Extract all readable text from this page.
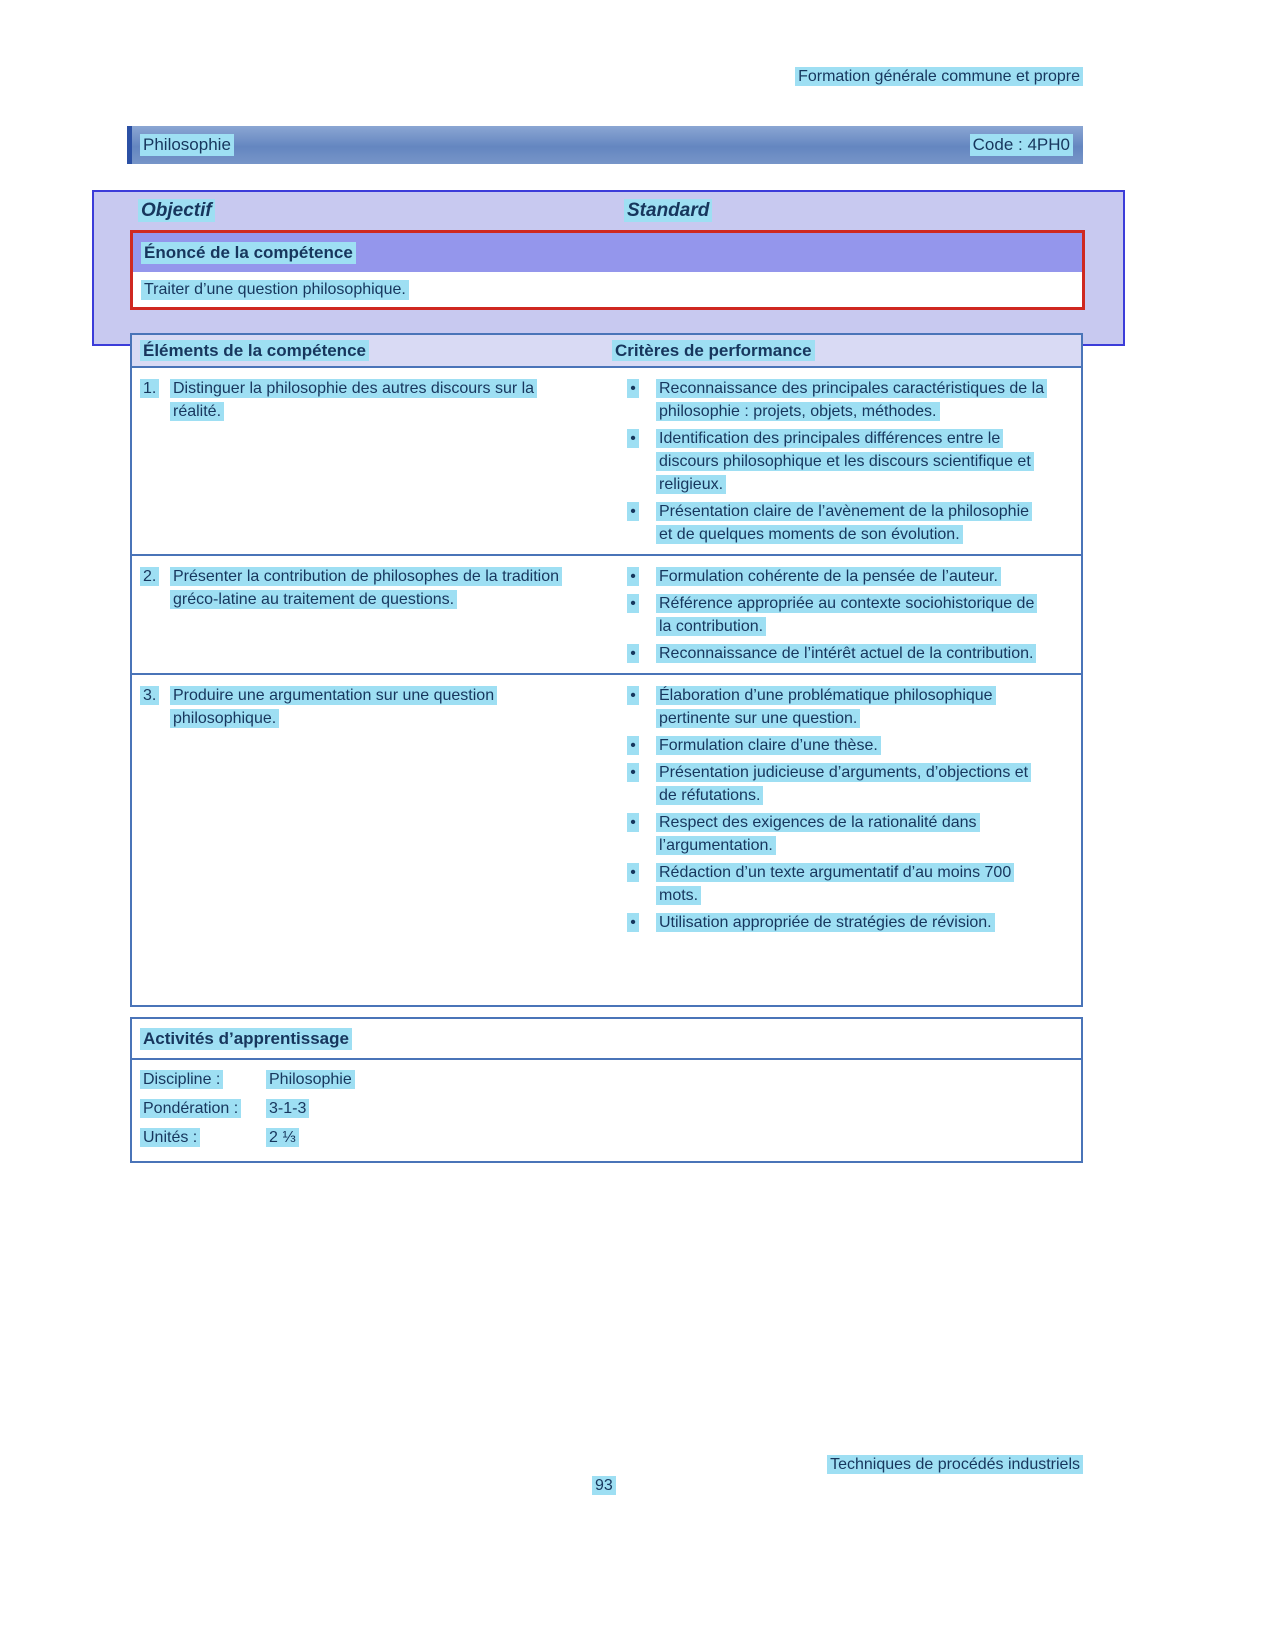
Formation générale commune et propre
Philosophie	Code : 4PH0
Objectif	Standard
Énoncé de la compétence
Traiter d’une question philosophique.
Éléments de la compétence	Critères de performance
1.	Distinguer la philosophie des autres discours sur la réalité.
•	Reconnaissance des principales caractéristiques de la philosophie : projets, objets, méthodes.
•	Identification des principales différences entre le discours philosophique et les discours scientifique et religieux.
•	Présentation claire de l’avènement de la philosophie et de quelques moments de son évolution.
2.	Présenter la contribution de philosophes de la tradition gréco-latine au traitement de questions.
•	Formulation cohérente de la pensée de l’auteur.
•	Référence appropriée au contexte sociohistorique de la contribution.
•	Reconnaissance de l’intérêt actuel de la contribution.
3.	Produire une argumentation sur une question philosophique.
•	Élaboration d’une problématique philosophique pertinente sur une question.
•	Formulation claire d’une thèse.
•	Présentation judicieuse d’arguments, d’objections et de réfutations.
•	Respect des exigences de la rationalité dans l’argumentation.
•	Rédaction d’un texte argumentatif d’au moins 700 mots.
•	Utilisation appropriée de stratégies de révision.
Activités d’apprentissage
Discipline :	Philosophie
Pondération :	3-1-3
Unités :	2 ⅓
Techniques de procédés industriels
93
